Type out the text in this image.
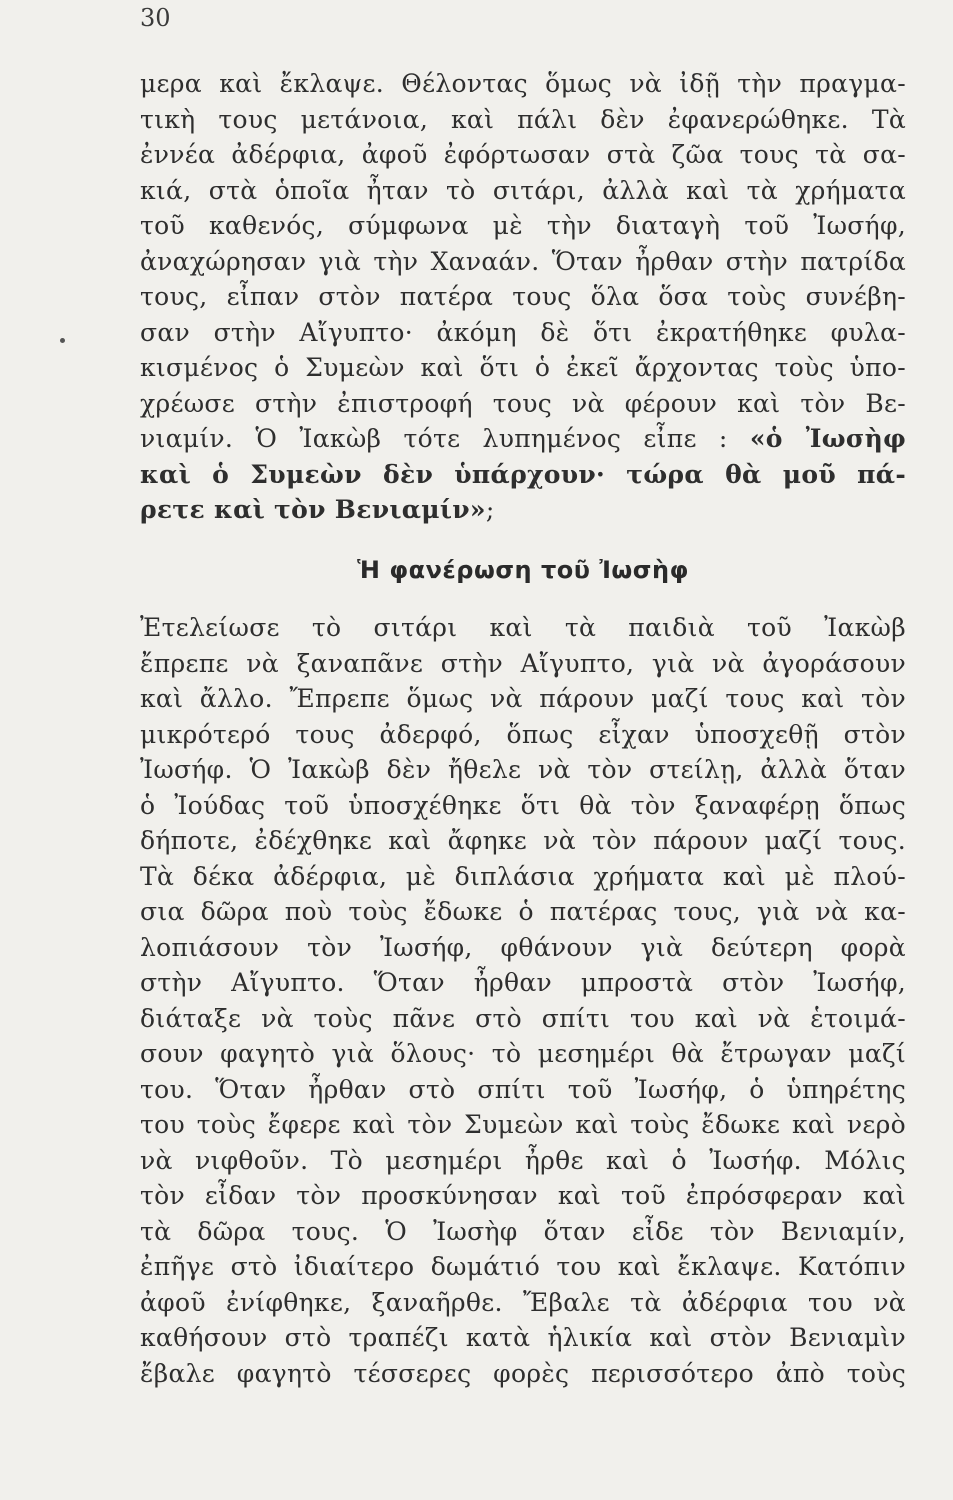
30
μερα καὶ ἔκλαψε. Θέλοντας ὅμως νὰ ἰδῇ τὴν πραγμα-
τικὴ τους μετάνοια, καὶ πάλι δὲν ἐφανερώθηκε. Τὰ
ἐννέα ἀδέρφια, ἀφοῦ ἐφόρτωσαν στὰ ζῶα τους τὰ σα-
κιά, στὰ ὁποῖα ἦταν τὸ σιτάρι, ἀλλὰ καὶ τὰ χρήματα
τοῦ καθενός, σύμφωνα μὲ τὴν διαταγὴ τοῦ Ἰωσήφ,
ἀναχώρησαν γιὰ τὴν Χαναάν. Ὅταν ἦρθαν στὴν πατρίδα
τους, εἶπαν στὸν πατέρα τους ὅλα ὅσα τοὺς συνέβη-
σαν στὴν Αἴγυπτο· ἀκόμη δὲ ὅτι ἐκρατήθηκε φυλα-
κισμένος ὁ Συμεὼν καὶ ὅτι ὁ ἐκεῖ ἄρχοντας τοὺς ὑπο-
χρέωσε στὴν ἐπιστροφή τους νὰ φέρουν καὶ τὸν Βε-
νιαμίν. Ὁ Ἰακὼβ τότε λυπημένος εἶπε : «ὁ Ἰωσὴφ
καὶ ὁ Συμεὼν δὲν ὑπάρχουν· τώρα θὰ μοῦ πά-
ρετε καὶ τὸν Βενιαμίν»;
Ἡ φανέρωση τοῦ Ἰωσὴφ
Ἐτελείωσε τὸ σιτάρι καὶ τὰ παιδιὰ τοῦ Ἰακὼβ
ἔπρεπε νὰ ξαναπᾶνε στὴν Αἴγυπτο, γιὰ νὰ ἀγοράσουν
καὶ ἄλλο. Ἔπρεπε ὅμως νὰ πάρουν μαζί τους καὶ τὸν
μικρότερό τους ἀδερφό, ὅπως εἶχαν ὑποσχεθῇ στὸν
Ἰωσήφ. Ὁ Ἰακὼβ δὲν ἤθελε νὰ τὸν στείλῃ, ἀλλὰ ὅταν
ὁ Ἰούδας τοῦ ὑποσχέθηκε ὅτι θὰ τὸν ξαναφέρῃ ὅπως
δήποτε, ἐδέχθηκε καὶ ἄφηκε νὰ τὸν πάρουν μαζί τους.
Τὰ δέκα ἀδέρφια, μὲ διπλάσια χρήματα καὶ μὲ πλού-
σια δῶρα ποὺ τοὺς ἔδωκε ὁ πατέρας τους, γιὰ νὰ κα-
λοπιάσουν τὸν Ἰωσήφ, φθάνουν γιὰ δεύτερη φορὰ
στὴν Αἴγυπτο. Ὅταν ἦρθαν μπροστὰ στὸν Ἰωσήφ,
διάταξε νὰ τοὺς πᾶνε στὸ σπίτι του καὶ νὰ ἑτοιμά-
σουν φαγητὸ γιὰ ὅλους· τὸ μεσημέρι θὰ ἔτρωγαν μαζί
του. Ὅταν ἦρθαν στὸ σπίτι τοῦ Ἰωσήφ, ὁ ὑπηρέτης
του τοὺς ἔφερε καὶ τὸν Συμεὼν καὶ τοὺς ἔδωκε καὶ νερὸ
νὰ νιφθοῦν. Τὸ μεσημέρι ἦρθε καὶ ὁ Ἰωσήφ. Μόλις
τὸν εἶδαν τὸν προσκύνησαν καὶ τοῦ ἐπρόσφεραν καὶ
τὰ δῶρα τους. Ὁ Ἰωσὴφ ὅταν εἶδε τὸν Βενιαμίν,
ἐπῆγε στὸ ἰδιαίτερο δωμάτιό του καὶ ἔκλαψε. Κατόπιν
ἀφοῦ ἐνίφθηκε, ξαναῆρθε. Ἔβαλε τὰ ἀδέρφια του νὰ
καθήσουν στὸ τραπέζι κατὰ ἡλικία καὶ στὸν Βενιαμὶν
ἔβαλε φαγητὸ τέσσερες φορὲς περισσότερο ἀπὸ τοὺς
